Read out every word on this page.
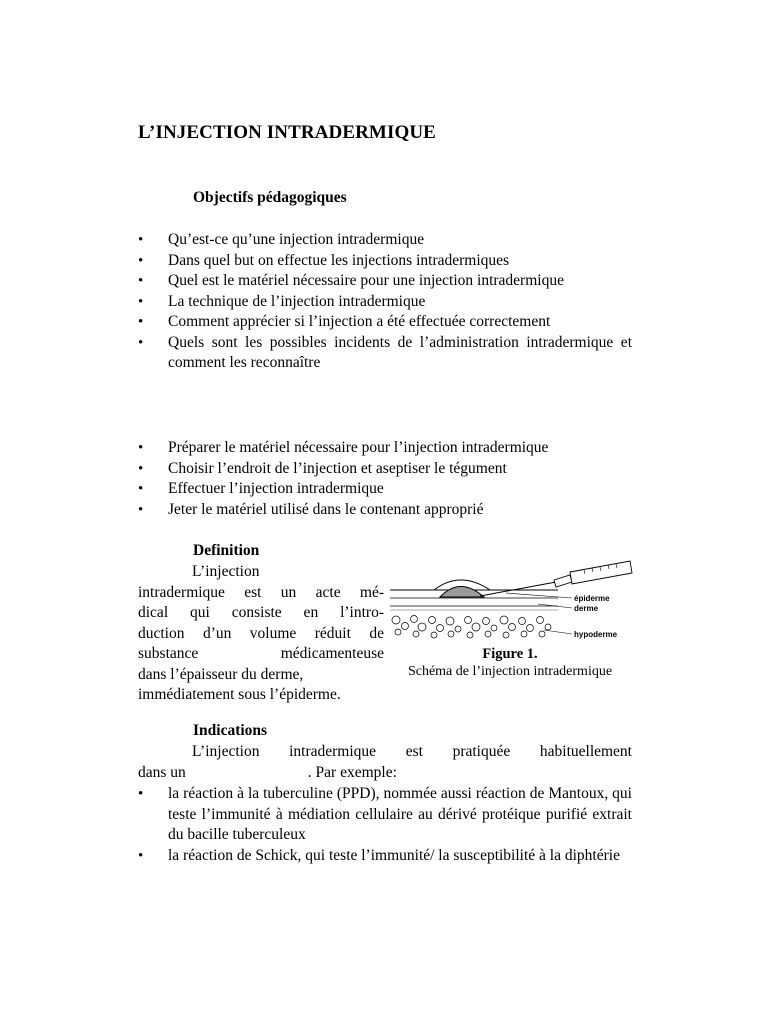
L’INJECTION INTRADERMIQUE
Objectifs pédagogiques
• Qu’est-ce qu’une injection intradermique
• Dans quel but on effectue les injections intradermiques
• Quel est le matériel nécessaire pour une injection intradermique
• La technique de l’injection intradermique
• Comment apprécier si l’injection a été effectuée correctement
• Quels sont les possibles incidents de l’administration intradermique et comment les reconnaître
• Préparer le matériel nécessaire pour l’injection intradermique
• Choisir l’endroit de l’injection et aseptiser le tégument
• Effectuer l’injection intradermique
• Jeter le matériel utilisé dans le contenant approprié
Definition
L’injection
intradermique est un acte mé-
dical qui consiste en l’intro-
duction d’un volume réduit de
substance médicamenteuse
dans l’épaisseur du derme,
immédiatement sous l’épiderme.
épiderme
derme
hypoderme
Figure 1.
Schéma de l’injection intradermique
Indications
L’injection intradermique est pratiquée habituellement
dans un	. Par exemple:
• la réaction à la tuberculine (PPD), nommée aussi réaction de Mantoux, qui teste l’immunité à médiation cellulaire au dérivé protéique purifié extrait du bacille tuberculeux
• la réaction de Schick, qui teste l’immunité/ la susceptibilité à la diphtérie
